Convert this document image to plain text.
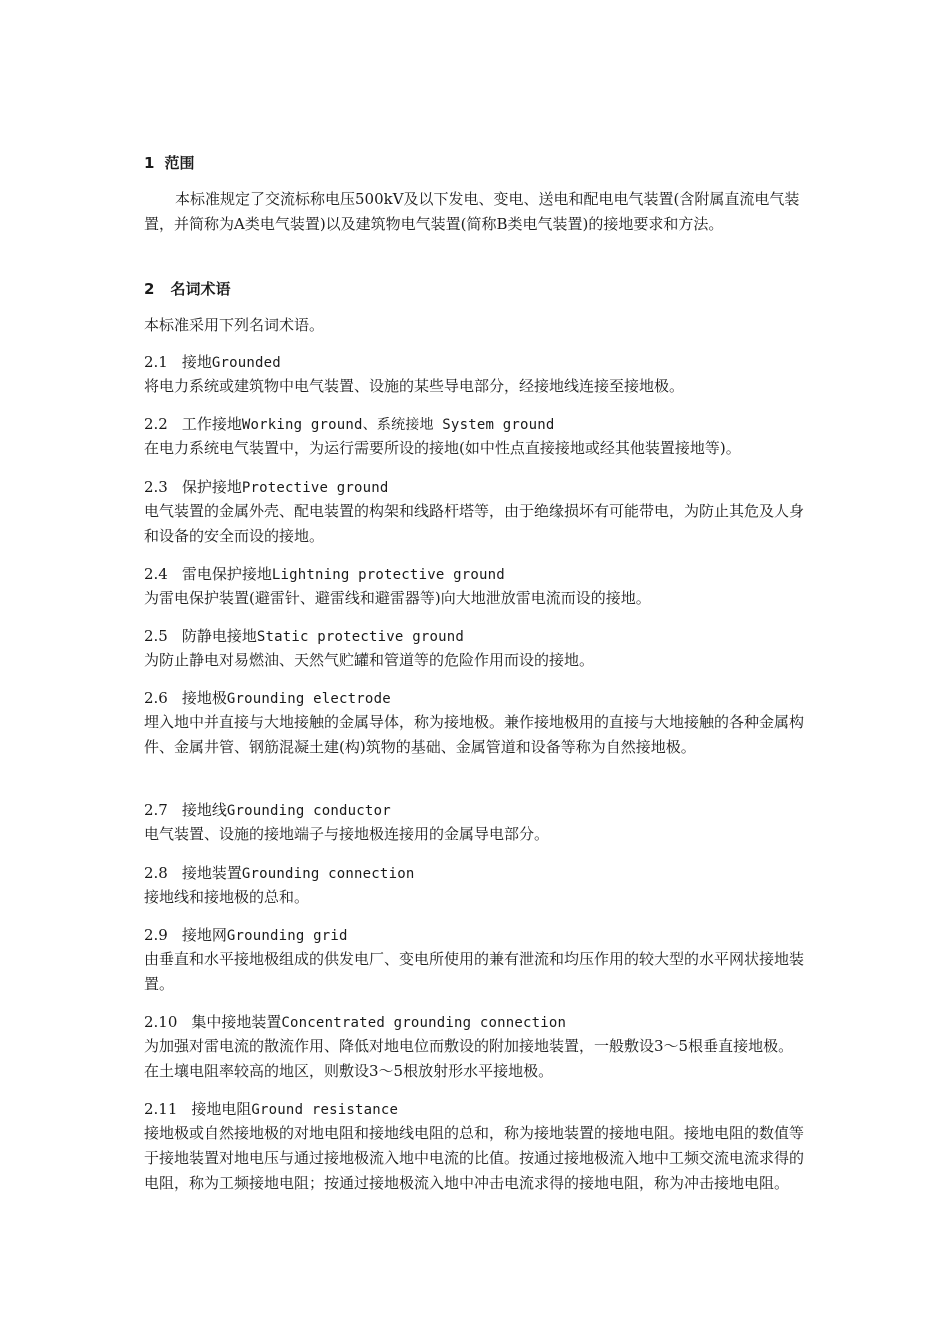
1 范围

本标准规定了交流标称电压500kV及以下发电、变电、送电和配电电气装置(含附属直流电气装置，并简称为A类电气装置)以及建筑物电气装置(简称B类电气装置)的接地要求和方法。

2 名词术语

本标准采用下列名词术语。

2.1 接地Grounded

将电力系统或建筑物中电气装置、设施的某些导电部分，经接地线连接至接地极。

2.2 工作接地Working ground、系统接地 System ground

在电力系统电气装置中，为运行需要所设的接地(如中性点直接接地或经其他装置接地等)。

2.3 保护接地Protective ground

电气装置的金属外壳、配电装置的构架和线路杆塔等，由于绝缘损坏有可能带电，为防止其危及人身和设备的安全而设的接地。

2.4 雷电保护接地Lightning protective ground

为雷电保护装置(避雷针、避雷线和避雷器等)向大地泄放雷电流而设的接地。

2.5 防静电接地Static protective ground

为防止静电对易燃油、天然气贮罐和管道等的危险作用而设的接地。

2.6 接地极Grounding electrode

埋入地中并直接与大地接触的金属导体，称为接地极。兼作接地极用的直接与大地接触的各种金属构件、金属井管、钢筋混凝土建(构)筑物的基础、金属管道和设备等称为自然接地极。

2.7 接地线Grounding conductor

电气装置、设施的接地端子与接地极连接用的金属导电部分。

2.8 接地装置Grounding connection

接地线和接地极的总和。

2.9 接地网Grounding grid

由垂直和水平接地极组成的供发电厂、变电所使用的兼有泄流和均压作用的较大型的水平网状接地装置。

2.10 集中接地装置Concentrated grounding connection

为加强对雷电流的散流作用、降低对地电位而敷设的附加接地装置，一般敷设3～5根垂直接地极。在土壤电阻率较高的地区，则敷设3～5根放射形水平接地极。

2.11 接地电阻Ground resistance

接地极或自然接地极的对地电阻和接地线电阻的总和，称为接地装置的接地电阻。接地电阻的数值等于接地装置对地电压与通过接地极流入地中电流的比值。按通过接地极流入地中工频交流电流求得的电阻，称为工频接地电阻；按通过接地极流入地中冲击电流求得的接地电阻，称为冲击接地电阻。
